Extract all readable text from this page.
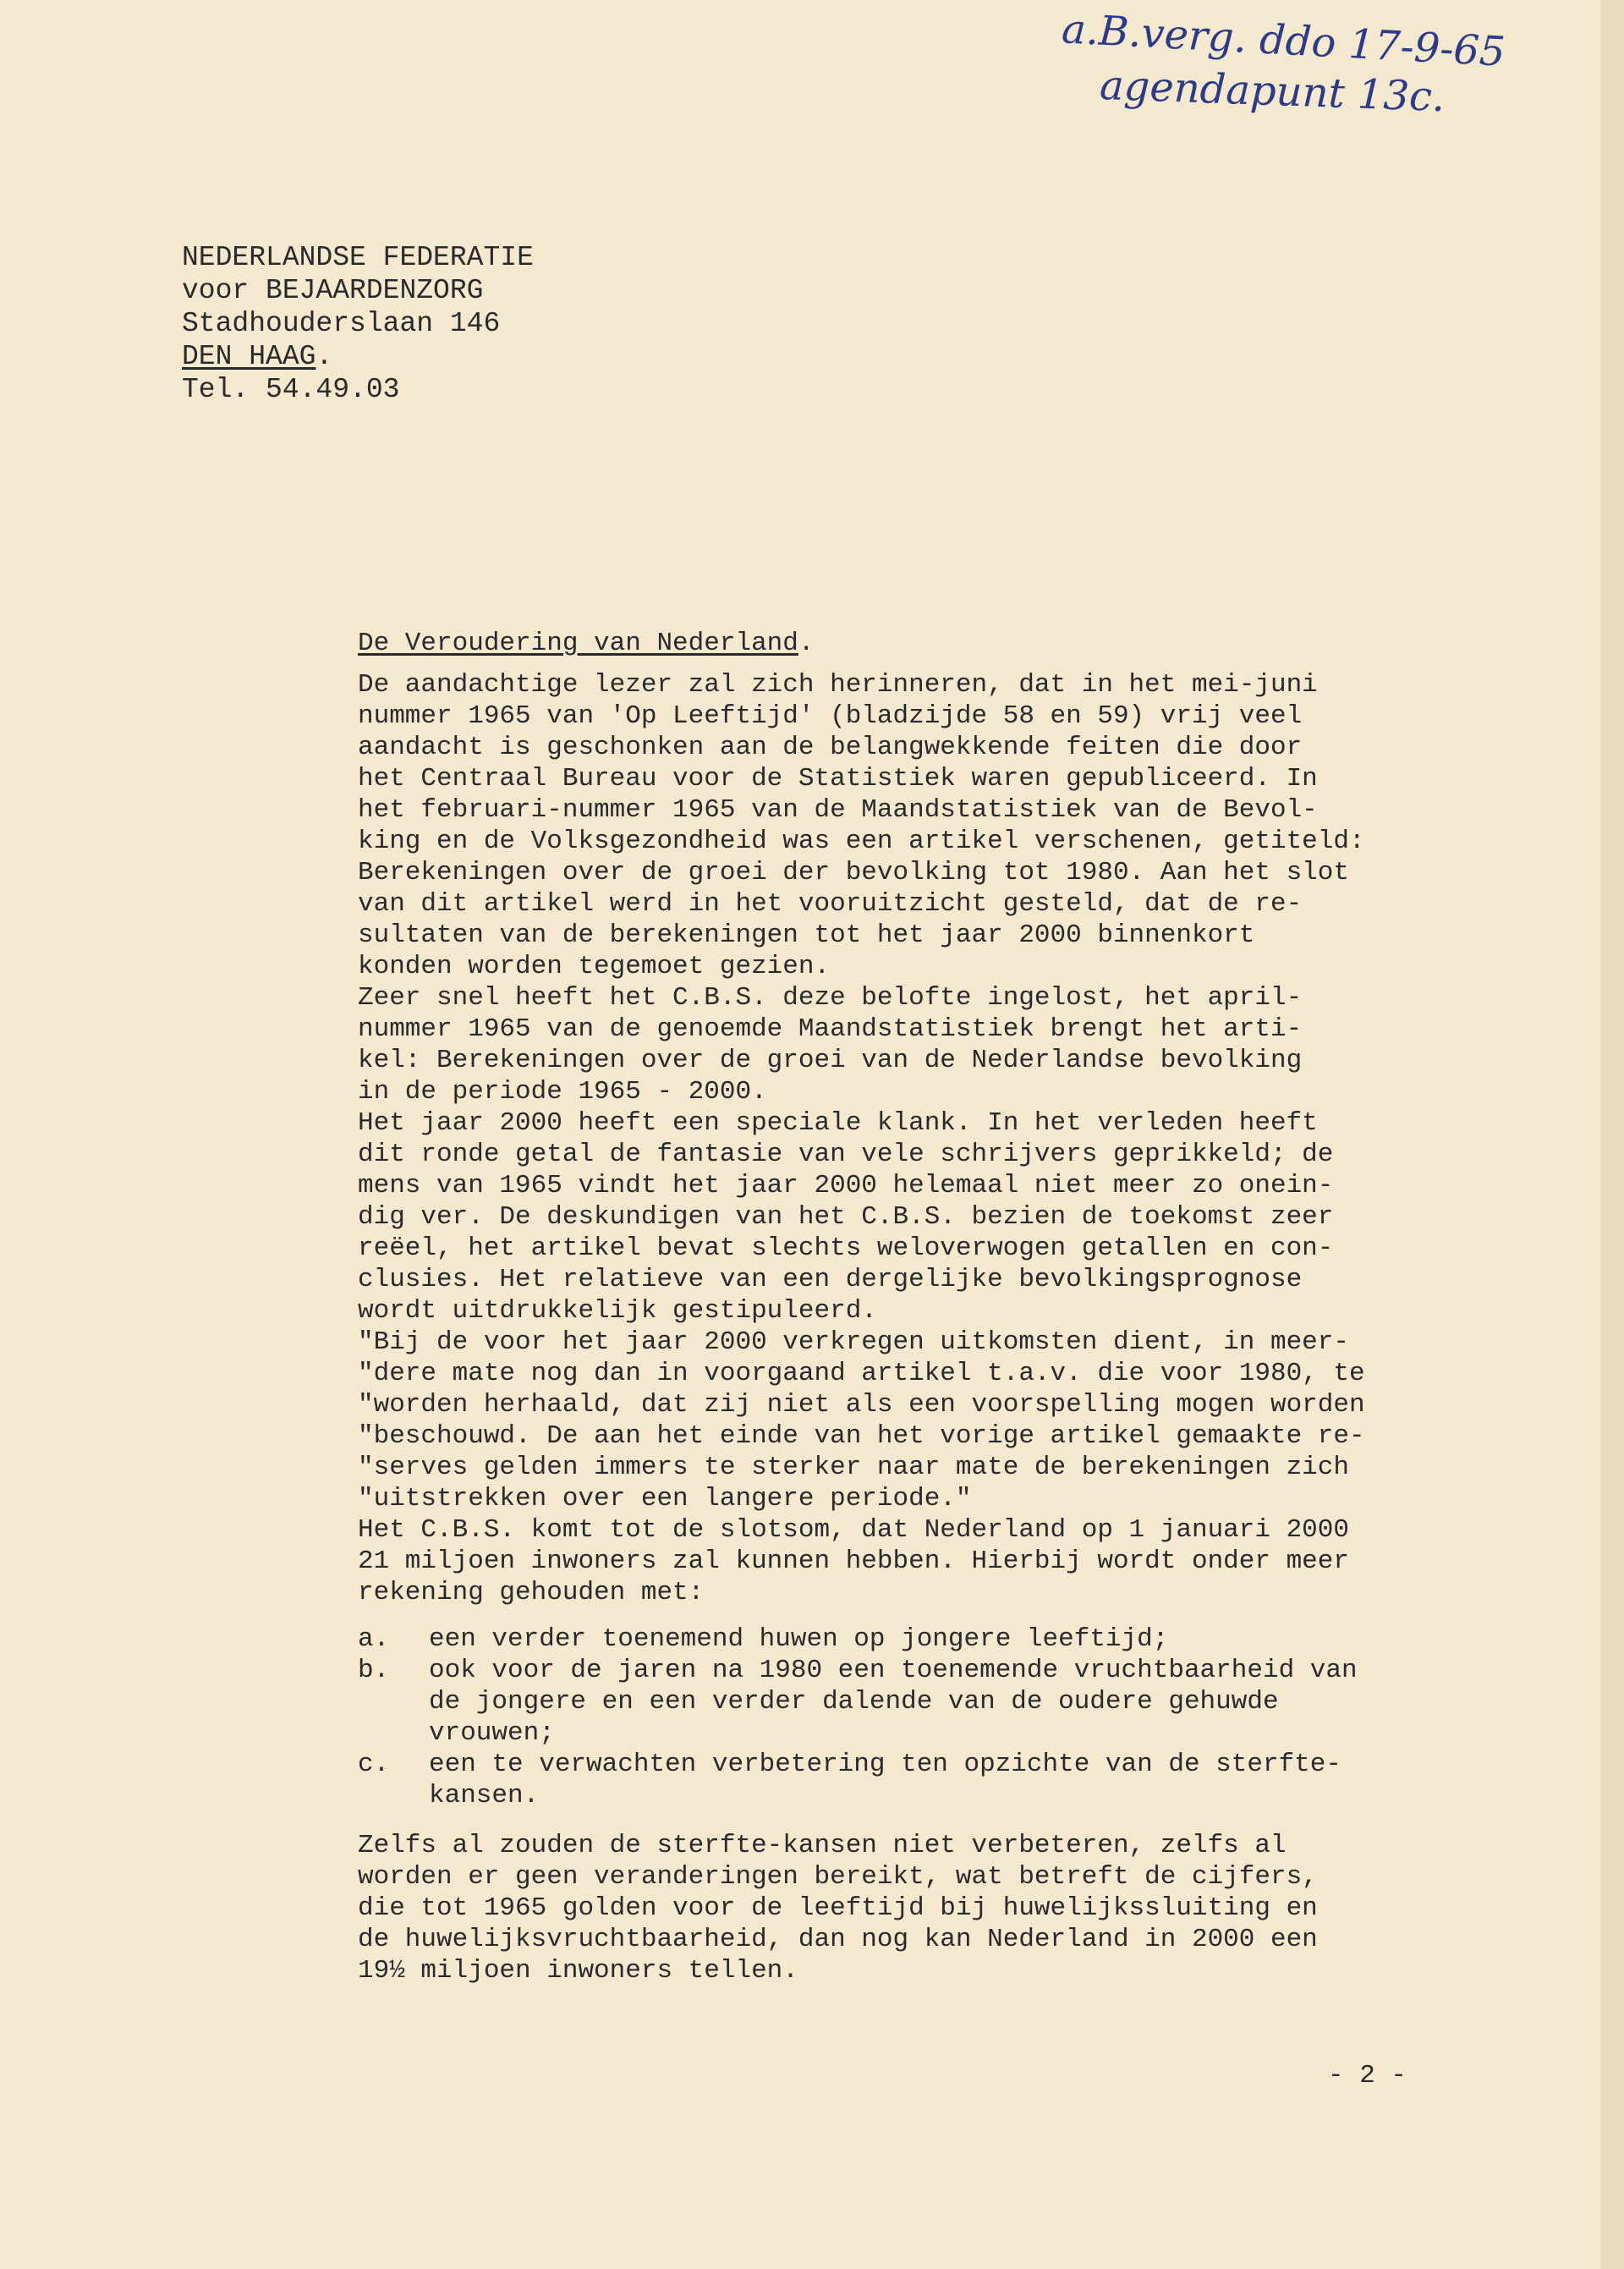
a.B.verg. ddo 17-9-65
agendapunt 13c.
NEDERLANDSE FEDERATIE
voor BEJAARDENZORG
Stadhouderslaan 146
DEN HAAG.
Tel. 54.49.03
De Veroudering van Nederland.
De aandachtige lezer zal zich herinneren, dat in het mei-juni
nummer 1965 van 'Op Leeftijd' (bladzijde 58 en 59) vrij veel
aandacht is geschonken aan de belangwekkende feiten die door
het Centraal Bureau voor de Statistiek waren gepubliceerd. In
het februari-nummer 1965 van de Maandstatistiek van de Bevol-
king en de Volksgezondheid was een artikel verschenen, getiteld:
Berekeningen over de groei der bevolking tot 1980. Aan het slot
van dit artikel werd in het vooruitzicht gesteld, dat de re-
sultaten van de berekeningen tot het jaar 2000 binnenkort
konden worden tegemoet gezien.
Zeer snel heeft het C.B.S. deze belofte ingelost, het april-
nummer 1965 van de genoemde Maandstatistiek brengt het arti-
kel: Berekeningen over de groei van de Nederlandse bevolking
in de periode 1965 - 2000.
Het jaar 2000 heeft een speciale klank. In het verleden heeft
dit ronde getal de fantasie van vele schrijvers geprikkeld; de
mens van 1965 vindt het jaar 2000 helemaal niet meer zo onein-
dig ver. De deskundigen van het C.B.S. bezien de toekomst zeer
reëel, het artikel bevat slechts weloverwogen getallen en con-
clusies. Het relatieve van een dergelijke bevolkingsprognose
wordt uitdrukkelijk gestipuleerd.
"Bij de voor het jaar 2000 verkregen uitkomsten dient, in meer-
"dere mate nog dan in voorgaand artikel t.a.v. die voor 1980, te
"worden herhaald, dat zij niet als een voorspelling mogen worden
"beschouwd. De aan het einde van het vorige artikel gemaakte re-
"serves gelden immers te sterker naar mate de berekeningen zich
"uitstrekken over een langere periode."
Het C.B.S. komt tot de slotsom, dat Nederland op 1 januari 2000
21 miljoen inwoners zal kunnen hebben. Hierbij wordt onder meer
rekening gehouden met:
a.	een verder toenemend huwen op jongere leeftijd;
b.	ook voor de jaren na 1980 een toenemende vruchtbaarheid van
de jongere en een verder dalende van de oudere gehuwde
vrouwen;
c.	een te verwachten verbetering ten opzichte van de sterfte-
kansen.
Zelfs al zouden de sterfte-kansen niet verbeteren, zelfs al
worden er geen veranderingen bereikt, wat betreft de cijfers,
die tot 1965 golden voor de leeftijd bij huwelijkssluiting en
de huwelijksvruchtbaarheid, dan nog kan Nederland in 2000 een
19½ miljoen inwoners tellen.
- 2 -
